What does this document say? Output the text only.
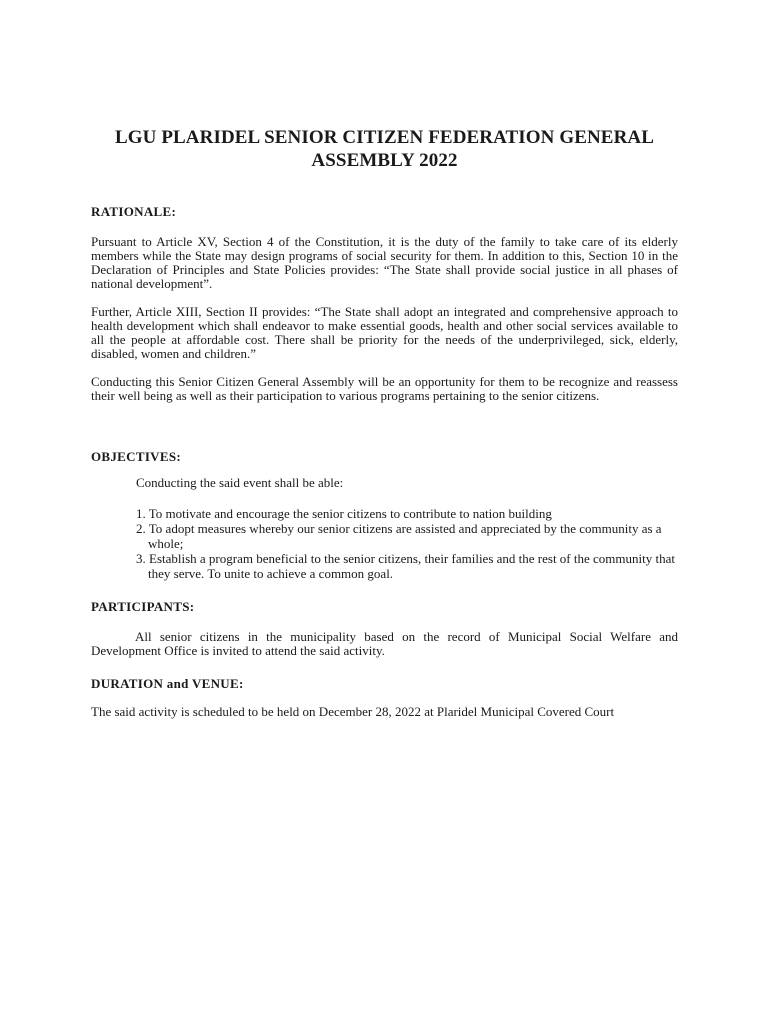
LGU PLARIDEL SENIOR CITIZEN FEDERATION GENERAL
ASSEMBLY 2022
RATIONALE:

Pursuant to Article XV, Section 4 of the Constitution, it is the duty of the family to take care of its elderly members while the State may design programs of social security for them. In addition to this, Section 10 in the Declaration of Principles and State Policies provides: “The State shall provide social justice in all phases of national development”.

Further, Article XIII, Section II provides: “The State shall adopt an integrated and comprehensive approach to health development which shall endeavor to make essential goods, health and other social services available to all the people at affordable cost. There shall be priority for the needs of the underprivileged, sick, elderly, disabled, women and children.”

Conducting this Senior Citizen General Assembly will be an opportunity for them to be recognize and reassess their well being as well as their participation to various programs pertaining to the senior citizens.

OBJECTIVES:

Conducting the said event shall be able:

1. To motivate and encourage the senior citizens to contribute to nation building
2. To adopt measures whereby our senior citizens are assisted and appreciated by the community as a whole;
3. Establish a program beneficial to the senior citizens, their families and the rest of the community that they serve. To unite to achieve a common goal.
PARTICIPANTS:

All senior citizens in the municipality based on the record of Municipal Social Welfare and Development Office is invited to attend the said activity.

DURATION and VENUE:

The said activity is scheduled to be held on December 28, 2022 at Plaridel Municipal Covered Court
